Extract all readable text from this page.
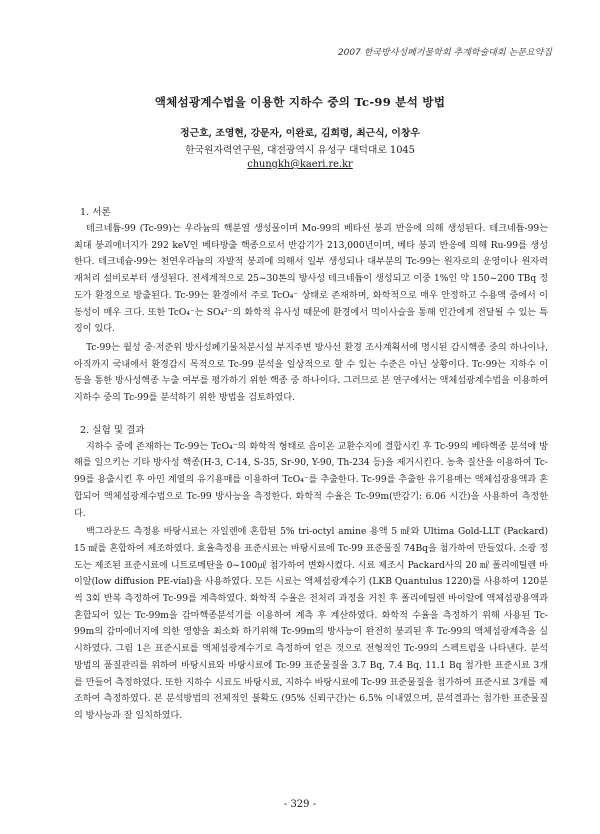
2007 한국방사성폐기물학회 추계학술대회 논문요약집
액체섬광계수법을 이용한 지하수 중의 Tc-99 분석 방법
정근호, 조영현, 강문자, 이완로, 김희령, 최근식, 이창우
한국원자력연구원, 대전광역시 유성구 대덕대로 1045
chungkh@kaeri.re.kr
1. 서론

테크네튬-99 (Tc-99)는 우라늄의 핵분열 생성물이며 Mo-99의 베타선 붕괴 반응에 의해 생성된다. 테크네튬-99는 최대 붕괴에너지가 292 keV인 베타방출 핵종으로서 반감기가 213,000년이며, 베타 붕괴 반응에 의해 Ru-99를 생성한다. 테크네슘-99는 천연우라늄의 자발적 붕괴에 의해서 일부 생성되나 대부분의 Tc-99는 원자로의 운영이나 원자력 재처리 설비로부터 생성된다. 전세계적으로 25~30톤의 방사성 테크네튬이 생성되고 이중 1%인 약 150~200 TBq 정도가 환경으로 방출된다. Tc-99는 환경에서 주로 TcO₄⁻ 상태로 존재하며, 화학적으로 매우 안정하고 수용액 중에서 이동성이 매우 크다. 또한 TcO₄⁻는 SO₄²⁻의 화학적 유사성 때문에 환경에서 먹이사슬을 통해 인간에게 전달될 수 있는 특징이 있다.

Tc-99는 월성 중·저준위 방사성폐기물처분시설 부지주변 방사선 환경 조사계획서에 명시된 감시핵종 중의 하나이나, 아직까지 국내에서 환경감시 목적으로 Tc-99 분석을 일상적으로 할 수 있는 수준은 아닌 상황이다. Tc-99는 지하수 이동을 통한 방사성핵종 누출 여부를 평가하기 위한 핵종 중 하나이다. 그러므로 본 연구에서는 액체섬광계수법을 이용하여 지하수 중의 Tc-99를 분석하기 위한 방법을 검토하였다.

2. 실험 및 결과

지하수 중에 존재하는 Tc-99는 TcO₄⁻의 화학적 형태로 음이온 교환수지에 결합시킨 후 Tc-99의 베타핵종 분석에 방해를 일으키는 기타 방사성 핵종(H-3, C-14, S-35, Sr-90, Y-90, Th-234 등)을 제거시킨다. 농축 질산을 이용하여 Tc-99를 용출시킨 후 아민 계열의 유기용매를 이용하여 TcO₄⁻를 추출한다. Tc-99를 추출한 유기용매는 액체섬광용액과 혼합되어 액체섬광계수법으로 Tc-99 방사능을 측정한다. 화학적 수율은 Tc-99m(반감기: 6.06 시간)을 사용하여 측정한다.

백그라운드 측정용 바탕시료는 자일렌에 혼합된 5% tri-octyl amine 용액 5 ㎖와 Ultima Gold-LLT (Packard) 15 ㎖를 혼합하여 제조하였다. 효율측정용 표준시료는 바탕시료에 Tc-99 표준물질 74Bq을 첨가하여 만들었다. 소광 정도는 제조된 표준시료에 니트로메탄을 0~100㎕ 첨가하여 변화시켰다. 시료 제조시 Packard사의 20 ㎖ 폴리에틸렌 바이알(low diffusion PE-vial)을 사용하였다. 모든 시료는 액체섬광계수기 (LKB Quantulus 1220)를 사용하여 120분씩 3회 반복 측정하여 Tc-99를 계측하였다. 화학적 수율은 전처리 과정을 거친 후 폴리에틸렌 바이알에 액체섬광용액과 혼합되어 있는 Tc-99m을 감마핵종분석기를 이용하여 계측 후 계산하였다. 화학적 수율을 측정하기 위해 사용된 Tc-99m의 감마에너지에 의한 영향을 최소화 하기위해 Tc-99m의 방사능이 완전히 붕괴된 후 Tc-99의 액체섬광계측을 실시하였다. 그림 1은 표준시료를 액체섬광계수기로 측정하여 얻은 것으로 전형적인 Tc-99의 스펙트럼을 나타낸다. 분석방법의 품질관리를 위하여 바탕시료와 바탕시료에 Tc-99 표준물질을 3.7 Bq, 7.4 Bq, 11.1 Bq 첨가한 표준시료 3개를 만들어 측정하였다. 또한 지하수 시료도 바탕시료, 지하수 바탕시료에 Tc-99 표준물질을 첨가하여 표준시료 3개를 제조하여 측정하였다. 본 분석방법의 전체적인 불확도 (95% 신뢰구간)는 6.5% 이내였으며, 분석결과는 첨가한 표준물질의 방사능과 잘 일치하였다.

- 329 -
